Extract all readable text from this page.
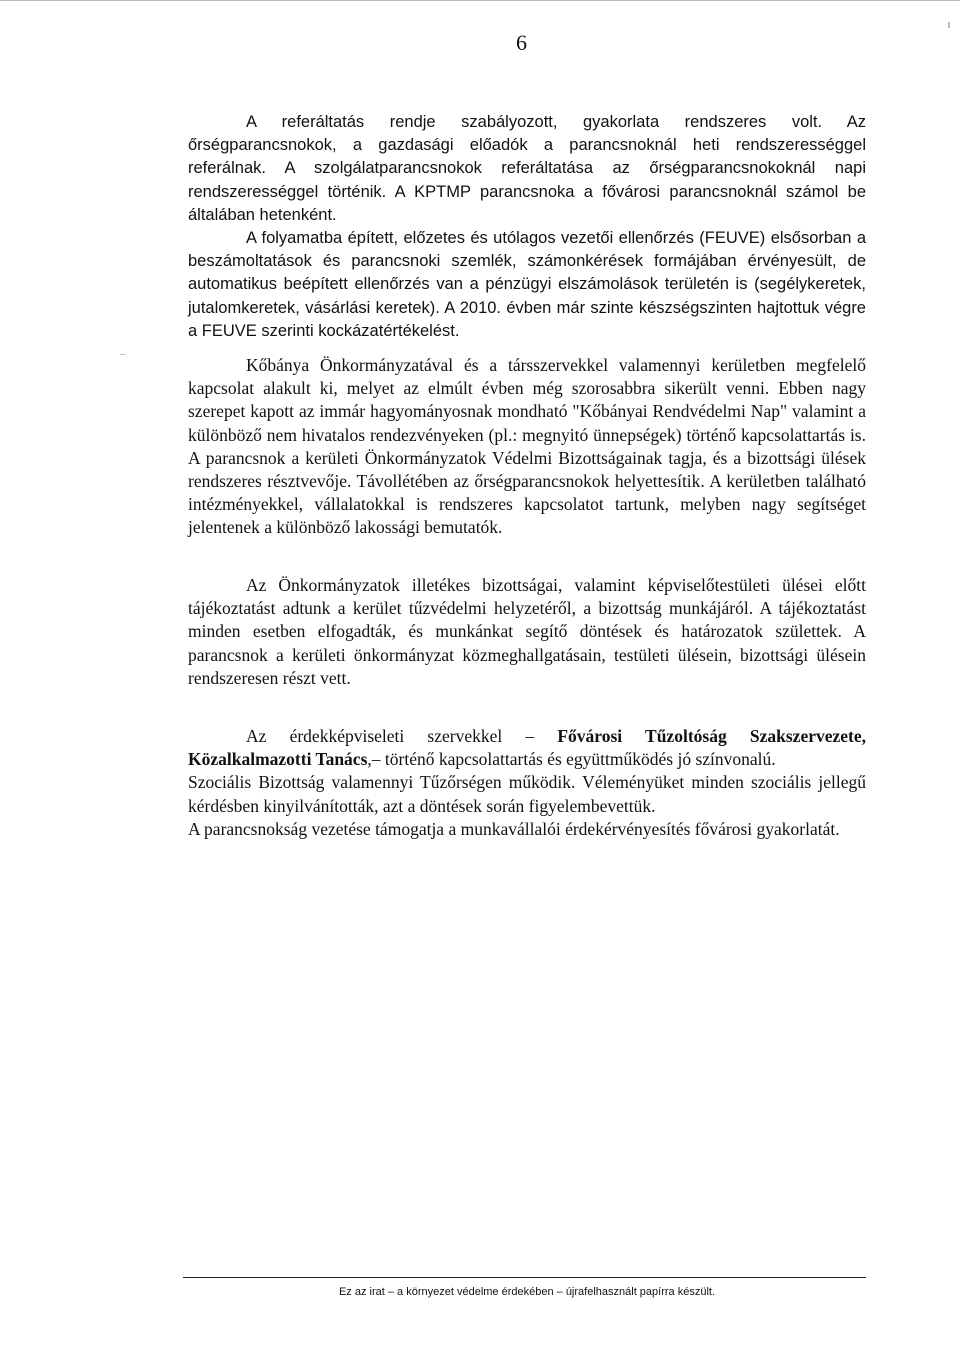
6

A referáltatás rendje szabályozott, gyakorlata rendszeres volt. Az őrségparancsnokok, a gazdasági előadók a parancsnoknál heti rendszerességgel referálnak. A szolgálatparancsnokok referáltatása az őrségparancsnokoknál napi rendszerességgel történik. A KPTMP parancsnoka a fővárosi parancsnoknál számol be általában hetenként.

A folyamatba épített, előzetes és utólagos vezetői ellenőrzés (FEUVE) elsősorban a beszámoltatások és parancsnoki szemlék, számonkérések formájában érvényesült, de automatikus beépített ellenőrzés van a pénzügyi elszámolások területén is (segélykeretek, jutalomkeretek, vásárlási keretek). A 2010. évben már szinte készségszinten hajtottuk végre a FEUVE szerinti kockázatértékelést.

Kőbánya Önkormányzatával és a társszervekkel valamennyi kerületben megfelelő kapcsolat alakult ki, melyet az elmúlt évben még szorosabbra sikerült venni. Ebben nagy szerepet kapott az immár hagyományosnak mondható "Kőbányai Rendvédelmi Nap" valamint a különböző nem hivatalos rendezvényeken (pl.: megnyitó ünnepségek) történő kapcsolattartás is. A parancsnok a kerületi Önkormányzatok Védelmi Bizottságainak tagja, és a bizottsági ülések rendszeres résztvevője. Távollétében az őrségparancsnokok helyettesítik. A kerületben található intézményekkel, vállalatokkal is rendszeres kapcsolatot tartunk, melyben nagy segítséget jelentenek a különböző lakossági bemutatók.

Az Önkormányzatok illetékes bizottságai, valamint képviselőtestületi ülései előtt tájékoztatást adtunk a kerület tűzvédelmi helyzetéről, a bizottság munkájáról. A tájékoztatást minden esetben elfogadták, és munkánkat segítő döntések és határozatok születtek. A parancsnok a kerületi önkormányzat közmeghallgatásain, testületi ülésein, bizottsági ülésein rendszeresen részt vett.

Az érdekképviseleti szervekkel – Fővárosi Tűzoltóság Szakszervezete, Közalkalmazotti Tanács,– történő kapcsolattartás és együttműködés jó színvonalú.

Szociális Bizottság valamennyi Tűzőrségen működik. Véleményüket minden szociális jellegű kérdésben kinyilvánították, azt a döntések során figyelembevettük.

A parancsnokság vezetése támogatja a munkavállalói érdekérvényesítés fővárosi gyakorlatát.

Ez az irat – a környezet védelme érdekében – újrafelhasznált papírra készült.
